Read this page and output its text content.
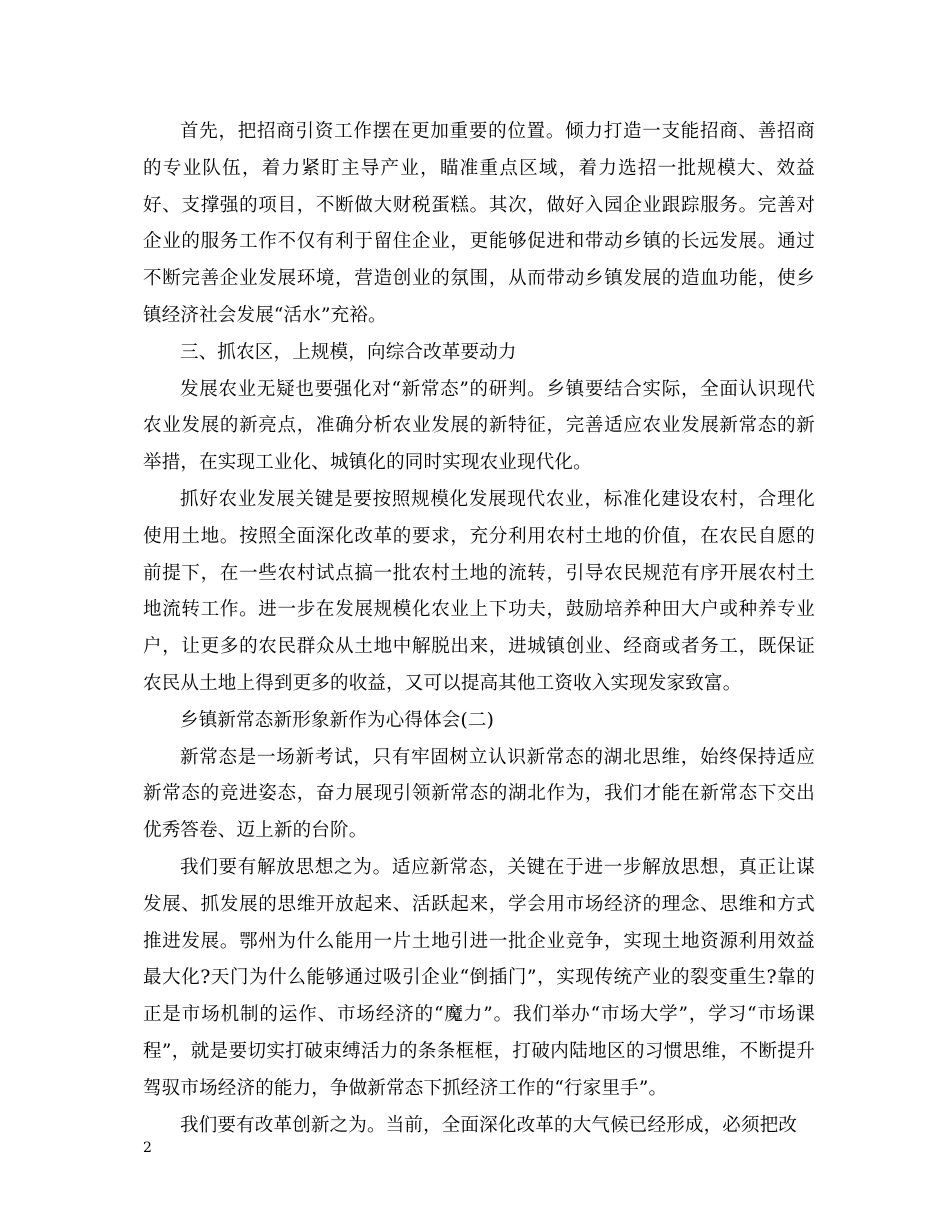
首先，把招商引资工作摆在更加重要的位置。倾力打造一支能招商、善招商的专业队伍，着力紧盯主导产业，瞄准重点区域，着力选招一批规模大、效益好、支撑强的项目，不断做大财税蛋糕。其次，做好入园企业跟踪服务。完善对企业的服务工作不仅有利于留住企业，更能够促进和带动乡镇的长远发展。通过不断完善企业发展环境，营造创业的氛围，从而带动乡镇发展的造血功能，使乡镇经济社会发展“活水”充裕。

三、抓农区，上规模，向综合改革要动力

发展农业无疑也要强化对“新常态”的研判。乡镇要结合实际，全面认识现代农业发展的新亮点，准确分析农业发展的新特征，完善适应农业发展新常态的新举措，在实现工业化、城镇化的同时实现农业现代化。

抓好农业发展关键是要按照规模化发展现代农业，标准化建设农村，合理化使用土地。按照全面深化改革的要求，充分利用农村土地的价值，在农民自愿的前提下，在一些农村试点搞一批农村土地的流转，引导农民规范有序开展农村土地流转工作。进一步在发展规模化农业上下功夫，鼓励培养种田大户或种养专业户，让更多的农民群众从土地中解脱出来，进城镇创业、经商或者务工，既保证农民从土地上得到更多的收益，又可以提高其他工资收入实现发家致富。

乡镇新常态新形象新作为心得体会(二)

新常态是一场新考试，只有牢固树立认识新常态的湖北思维，始终保持适应新常态的竞进姿态，奋力展现引领新常态的湖北作为，我们才能在新常态下交出优秀答卷、迈上新的台阶。

我们要有解放思想之为。适应新常态，关键在于进一步解放思想，真正让谋发展、抓发展的思维开放起来、活跃起来，学会用市场经济的理念、思维和方式推进发展。鄂州为什么能用一片土地引进一批企业竞争，实现土地资源利用效益最大化?天门为什么能够通过吸引企业“倒插门”，实现传统产业的裂变重生?靠的正是市场机制的运作、市场经济的“魔力”。我们举办“市场大学”，学习“市场课程”，就是要切实打破束缚活力的条条框框，打破内陆地区的习惯思维，不断提升驾驭市场经济的能力，争做新常态下抓经济工作的“行家里手”。

我们要有改革创新之为。当前，全面深化改革的大气候已经形成，必须把改

2
